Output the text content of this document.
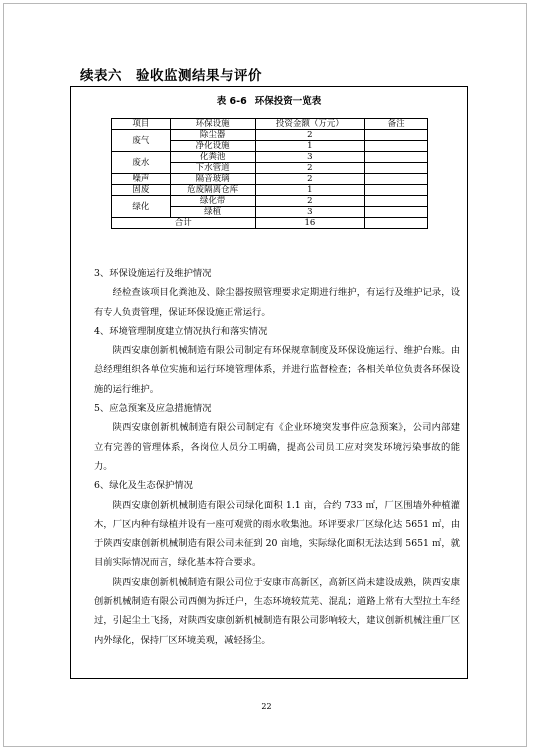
续表六 验收监测结果与评价
表 6-6 环保投资一览表
项目	环保设施	投资金额（万元）	备注
废气	除尘器	2	
	净化设施	1	
废水	化粪池	3	
	下水管道	2	
噪声	隔音玻璃	2	
固废	危废隔离仓库	1	
绿化	绿化带	2	
	绿植	3	
合计		16	

3、环保设施运行及维护情况

经检查该项目化粪池及、除尘器按照管理要求定期进行维护，有运行及维护记录，设有专人负责管理，保证环保设施正常运行。

4、环境管理制度建立情况执行和落实情况

陕西安康创新机械制造有限公司制定有环保规章制度及环保设施运行、维护台账。由总经理组织各单位实施和运行环境管理体系，并进行监督检查；各相关单位负责各环保设施的运行维护。

5、应急预案及应急措施情况

陕西安康创新机械制造有限公司制定有《企业环境突发事件应急预案》，公司内部建立有完善的管理体系，各岗位人员分工明确，提高公司员工应对突发环境污染事故的能力。

6、绿化及生态保护情况

陕西安康创新机械制造有限公司绿化面积 1.1 亩，合约 733 ㎡，厂区围墙外种植灌木，厂区内种有绿植并设有一座可观赏的雨水收集池。环评要求厂区绿化达 5651 ㎡，由于陕西安康创新机械制造有限公司未征到 20 亩地，实际绿化面积无法达到 5651 ㎡，就目前实际情况而言，绿化基本符合要求。

陕西安康创新机械制造有限公司位于安康市高新区，高新区尚未建设成熟，陕西安康创新机械制造有限公司西侧为拆迁户，生态环境较荒芜、混乱；道路上常有大型拉土车经过，引起尘土飞扬，对陕西安康创新机械制造有限公司影响较大，建议创新机械注重厂区内外绿化，保持厂区环境美观，减轻扬尘。

22
